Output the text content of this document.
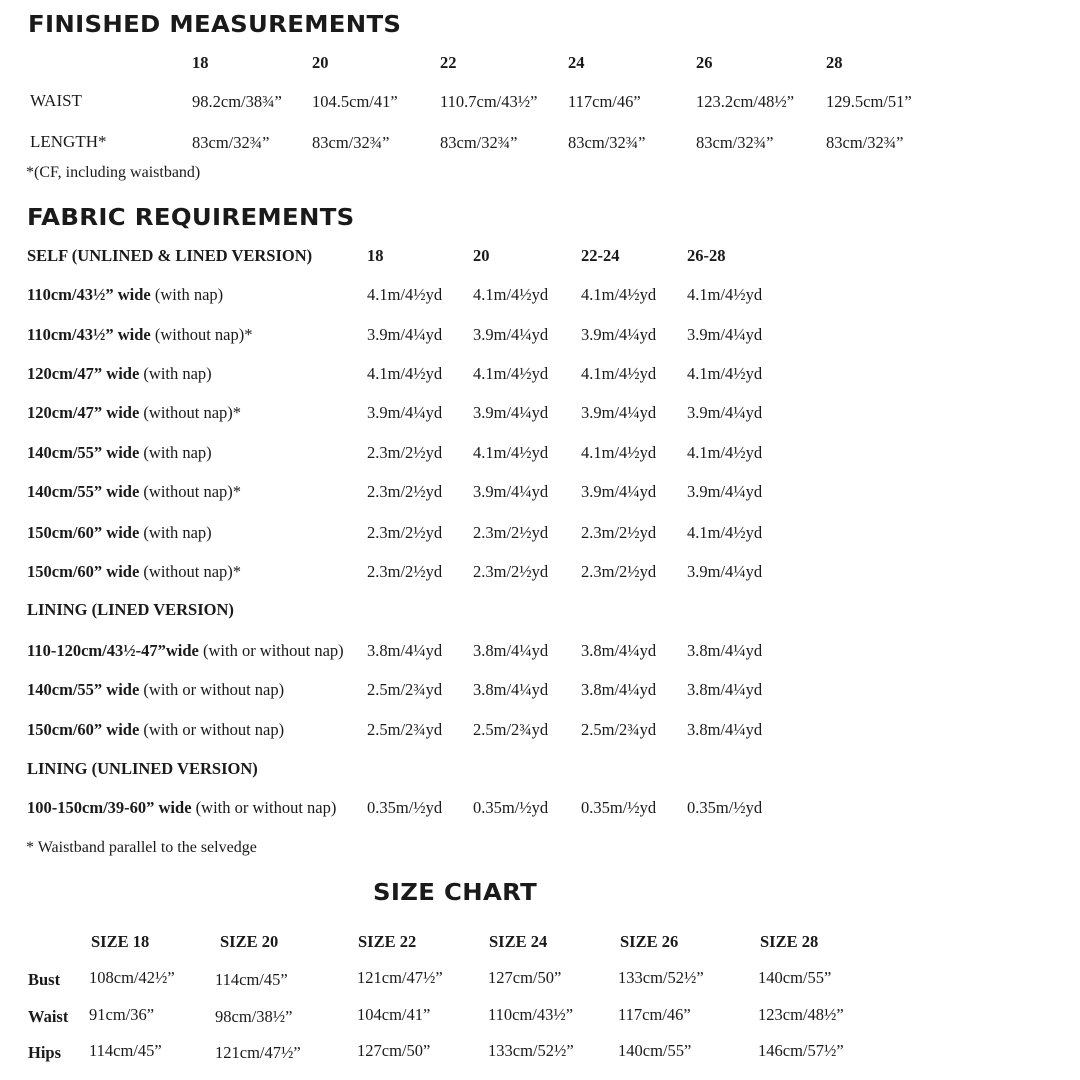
FINISHED MEASUREMENTS
18	20	22	24	26	28
WAIST	98.2cm/38¾” 104.5cm/41”	110.7cm/43½” 117cm/46”	123.2cm/48½” 129.5cm/51”
LENGTH*	83cm/32¾”	83cm/32¾”	83cm/32¾”	83cm/32¾”	83cm/32¾”	83cm/32¾”
*(CF, including waistband)
FABRIC REQUIREMENTS
SELF (UNLINED & LINED VERSION)	18	20	22-24	26-28
110cm/43½” wide (with nap)	4.1m/4½yd 4.1m/4½yd 4.1m/4½yd 4.1m/4½yd
110cm/43½” wide (without nap)*	3.9m/4¼yd 3.9m/4¼yd 3.9m/4¼yd 3.9m/4¼yd
120cm/47” wide (with nap)	4.1m/4½yd 4.1m/4½yd 4.1m/4½yd 4.1m/4½yd
120cm/47” wide (without nap)*	3.9m/4¼yd 3.9m/4¼yd 3.9m/4¼yd 3.9m/4¼yd
140cm/55” wide (with nap)	2.3m/2½yd 4.1m/4½yd 4.1m/4½yd 4.1m/4½yd
140cm/55” wide (without nap)*	2.3m/2½yd 3.9m/4¼yd 3.9m/4¼yd 3.9m/4¼yd
150cm/60” wide (with nap)	2.3m/2½yd 2.3m/2½yd 2.3m/2½yd 4.1m/4½yd
150cm/60” wide (without nap)*	2.3m/2½yd 2.3m/2½yd 2.3m/2½yd 3.9m/4¼yd
LINING (LINED VERSION)
110-120cm/43½-47”wide (with or without nap) 3.8m/4¼yd 3.8m/4¼yd 3.8m/4¼yd 3.8m/4¼yd
140cm/55” wide (with or without nap)	2.5m/2¾yd 3.8m/4¼yd 3.8m/4¼yd 3.8m/4¼yd
150cm/60” wide (with or without nap)	2.5m/2¾yd 2.5m/2¾yd 2.5m/2¾yd 3.8m/4¼yd
LINING (UNLINED VERSION)
100-150cm/39-60” wide (with or without nap) 0.35m/½yd 0.35m/½yd 0.35m/½yd 0.35m/½yd
* Waistband parallel to the selvedge
SIZE CHART
SIZE 18	SIZE 20	SIZE 22	SIZE 24	SIZE 26	SIZE 28
Bust 108cm/42½” 114cm/45”	121cm/47½”	127cm/50”	133cm/52½”	140cm/55”
Waist 91cm/36”	98cm/38½”	104cm/41”	110cm/43½”	117cm/46”	123cm/48½”
Hips 114cm/45”	121cm/47½”	127cm/50”	133cm/52½”	140cm/55”	146cm/57½”
